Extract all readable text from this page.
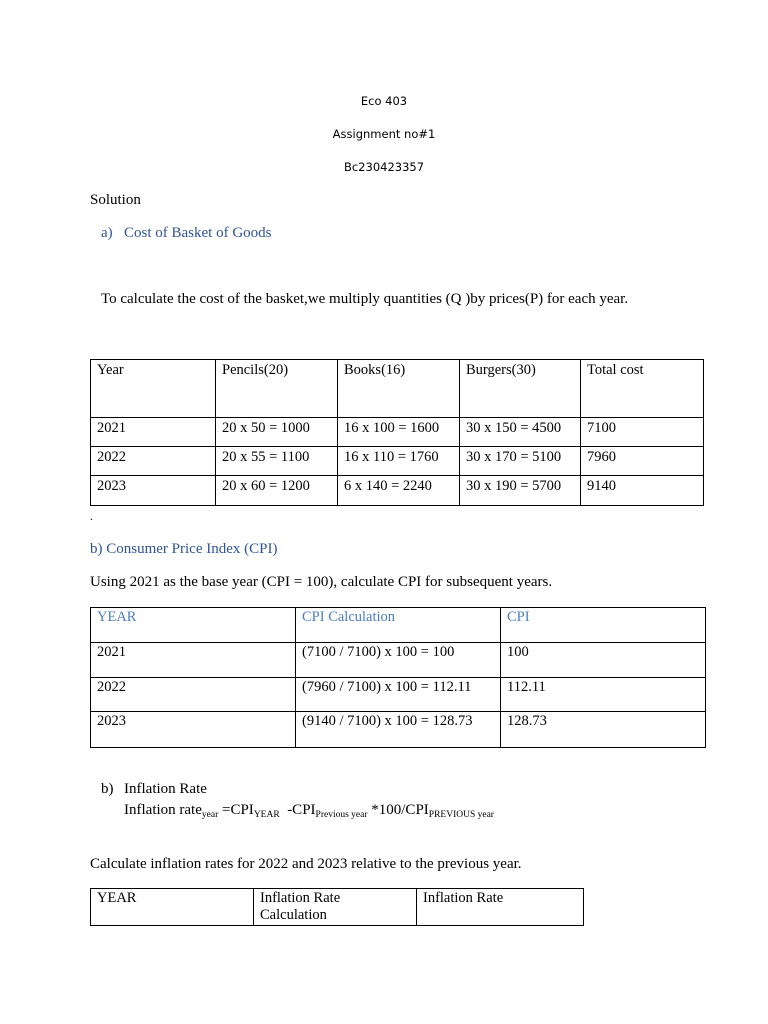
Eco 403
Assignment no#1
Bc230423357
Solution
a) Cost of Basket of Goods
To calculate the cost of the basket,we multiply quantities (Q )by prices(P) for each year.
Year	Pencils(20)	Books(16)	Burgers(30)	Total cost
2021	20 x 50 = 1000	16 x 100 = 1600	30 x 150 = 4500	7100
2022	20 x 55 = 1100	16 x 110 = 1760	30 x 170 = 5100	7960
2023	20 x 60 = 1200	6 x 140 = 2240	30 x 190 = 5700	9140
.
b) Consumer Price Index (CPI)
Using 2021 as the base year (CPI = 100), calculate CPI for subsequent years.
YEAR	CPI Calculation	CPI
2021	(7100 / 7100) x 100 = 100	100
2022	(7960 / 7100) x 100 = 112.11	112.11
2023	(9140 / 7100) x 100 = 128.73	128.73
b) Inflation Rate
Inflation rate$_{year}$ $=CPI_{YEAR}$  $-CPI_{Previous year}$ $*100/CPI_{PREVIOUS year}$
Calculate inflation rates for 2022 and 2023 relative to the previous year.
YEAR	Inflation Rate Calculation	Inflation Rate
